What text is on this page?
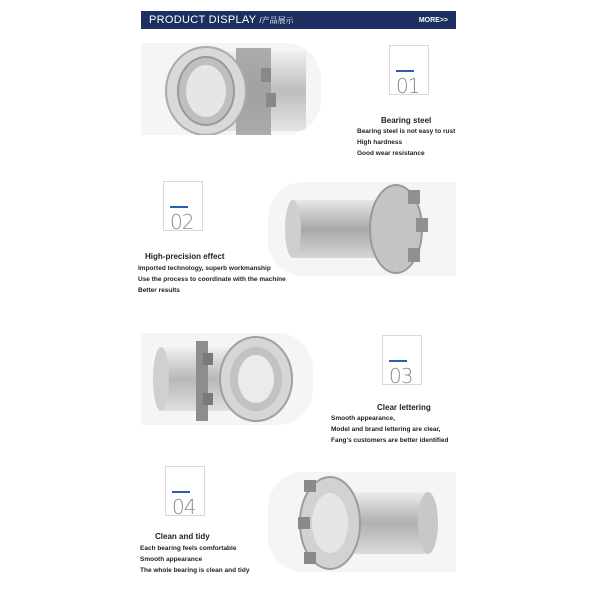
PRODUCT DISPLAY /产品展示	MORE>>
01
Bearing steel
Bearing steel is not easy to rust
High hardness
Good wear resistance
02
High-precision effect
Imported technology, superb workmanship
Use the process to coordinate with the machine
Better results
03
Clear lettering
Smooth appearance,
Model and brand lettering are clear,
Fang's customers are better identified
04
Clean and tidy
Each bearing feels comfortable
Smooth appearance
The whole bearing is clean and tidy
